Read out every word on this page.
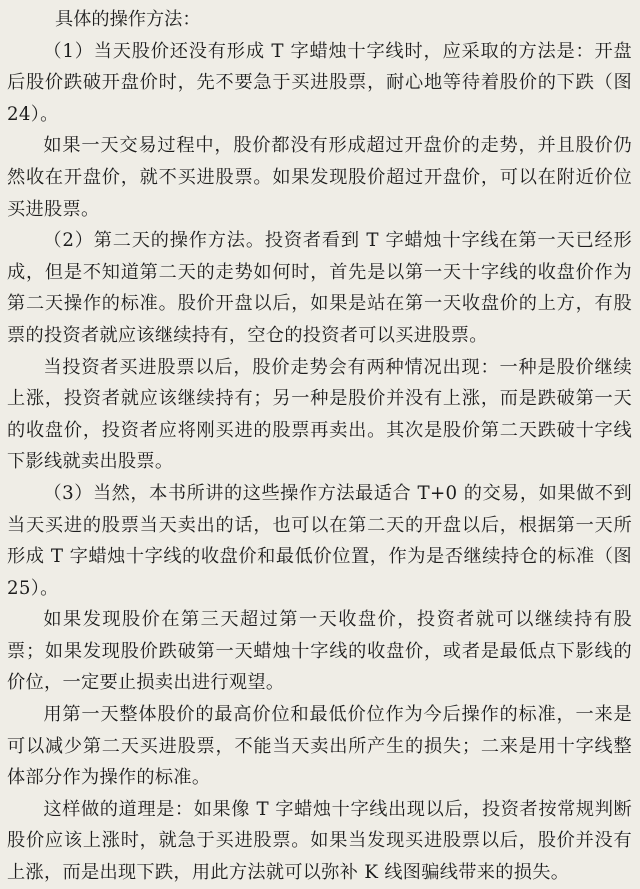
具体的操作方法：

（1）当天股价还没有形成 T 字蜡烛十字线时，应采取的方法是：开盘后股价跌破开盘价时，先不要急于买进股票，耐心地等待着股价的下跌（图 24）。

如果一天交易过程中，股价都没有形成超过开盘价的走势，并且股价仍然收在开盘价，就不买进股票。如果发现股价超过开盘价，可以在附近价位买进股票。

（2）第二天的操作方法。投资者看到 T 字蜡烛十字线在第一天已经形成，但是不知道第二天的走势如何时，首先是以第一天十字线的收盘价作为第二天操作的标准。股价开盘以后，如果是站在第一天收盘价的上方，有股票的投资者就应该继续持有，空仓的投资者可以买进股票。

当投资者买进股票以后，股价走势会有两种情况出现：一种是股价继续上涨，投资者就应该继续持有；另一种是股价并没有上涨，而是跌破第一天的收盘价，投资者应将刚买进的股票再卖出。其次是股价第二天跌破十字线下影线就卖出股票。

（3）当然，本书所讲的这些操作方法最适合 T+0 的交易，如果做不到当天买进的股票当天卖出的话，也可以在第二天的开盘以后，根据第一天所形成 T 字蜡烛十字线的收盘价和最低价位置，作为是否继续持仓的标准（图 25）。

如果发现股价在第三天超过第一天收盘价，投资者就可以继续持有股票；如果发现股价跌破第一天蜡烛十字线的收盘价，或者是最低点下影线的价位，一定要止损卖出进行观望。

用第一天整体股价的最高价位和最低价位作为今后操作的标准，一来是可以减少第二天买进股票，不能当天卖出所产生的损失；二来是用十字线整体部分作为操作的标准。

这样做的道理是：如果像 T 字蜡烛十字线出现以后，投资者按常规判断股价应该上涨时，就急于买进股票。如果当发现买进股票以后，股价并没有上涨，而是出现下跌，用此方法就可以弥补 K 线图骗线带来的损失。
